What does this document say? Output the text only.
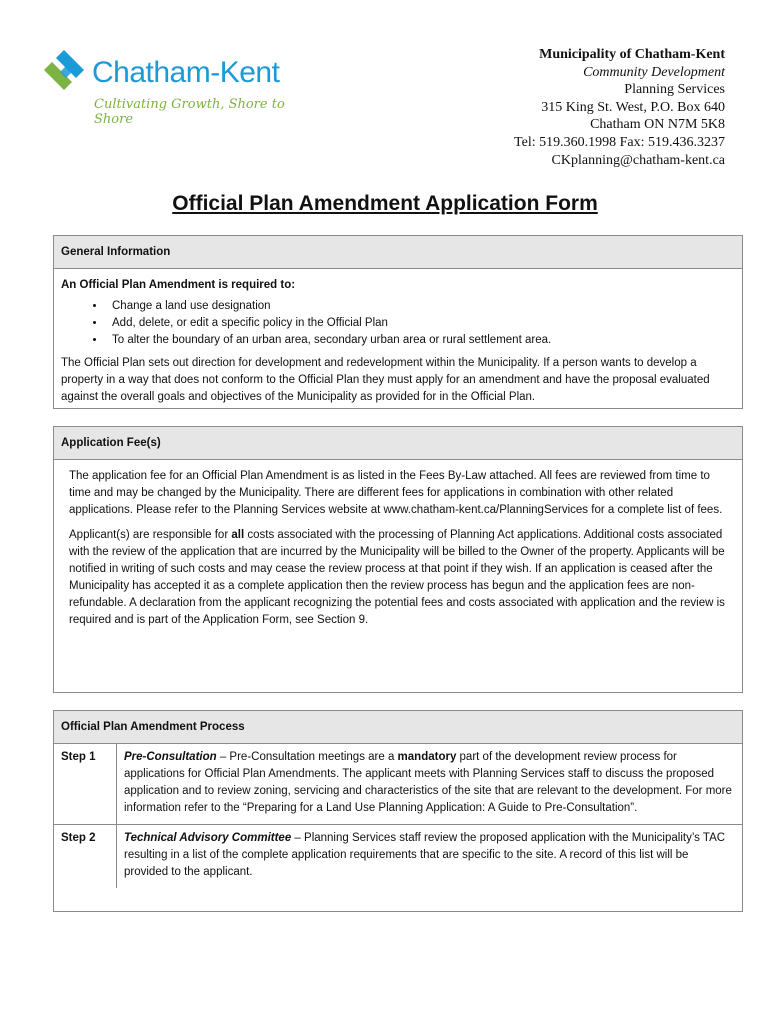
Chatham-Kent
Cultivating Growth, Shore to Shore
Municipality of Chatham-Kent
Community Development
Planning Services
315 King St. West, P.O. Box 640
Chatham ON N7M 5K8
Tel: 519.360.1998 Fax: 519.436.3237
CKplanning@chatham-kent.ca
Official Plan Amendment Application Form
General Information
An Official Plan Amendment is required to:
• Change a land use designation
• Add, delete, or edit a specific policy in the Official Plan
• To alter the boundary of an urban area, secondary urban area or rural settlement area.

The Official Plan sets out direction for development and redevelopment within the Municipality. If a person wants to develop a property in a way that does not conform to the Official Plan they must apply for an amendment and have the proposal evaluated against the overall goals and objectives of the Municipality as provided for in the Official Plan.

Application Fee(s)

The application fee for an Official Plan Amendment is as listed in the Fees By-Law attached. All fees are reviewed from time to time and may be changed by the Municipality. There are different fees for applications in combination with other related applications. Please refer to the Planning Services website at www.chatham-kent.ca/PlanningServices for a complete list of fees.

Applicant(s) are responsible for all costs associated with the processing of Planning Act applications. Additional costs associated with the review of the application that are incurred by the Municipality will be billed to the Owner of the property. Applicants will be notified in writing of such costs and may cease the review process at that point if they wish. If an application is ceased after the Municipality has accepted it as a complete application then the review process has begun and the application fees are non-refundable. A declaration from the applicant recognizing the potential fees and costs associated with application and the review is required and is part of the Application Form, see Section 9.

Official Plan Amendment Process
Step 1	Pre-Consultation – Pre-Consultation meetings are a mandatory part of the development review process for applications for Official Plan Amendments. The applicant meets with Planning Services staff to discuss the proposed application and to review zoning, servicing and characteristics of the site that are relevant to the development. For more information refer to the “Preparing for a Land Use Planning Application: A Guide to Pre-Consultation”.
Step 2	Technical Advisory Committee – Planning Services staff review the proposed application with the Municipality’s TAC resulting in a list of the complete application requirements that are specific to the site. A record of this list will be provided to the applicant.
